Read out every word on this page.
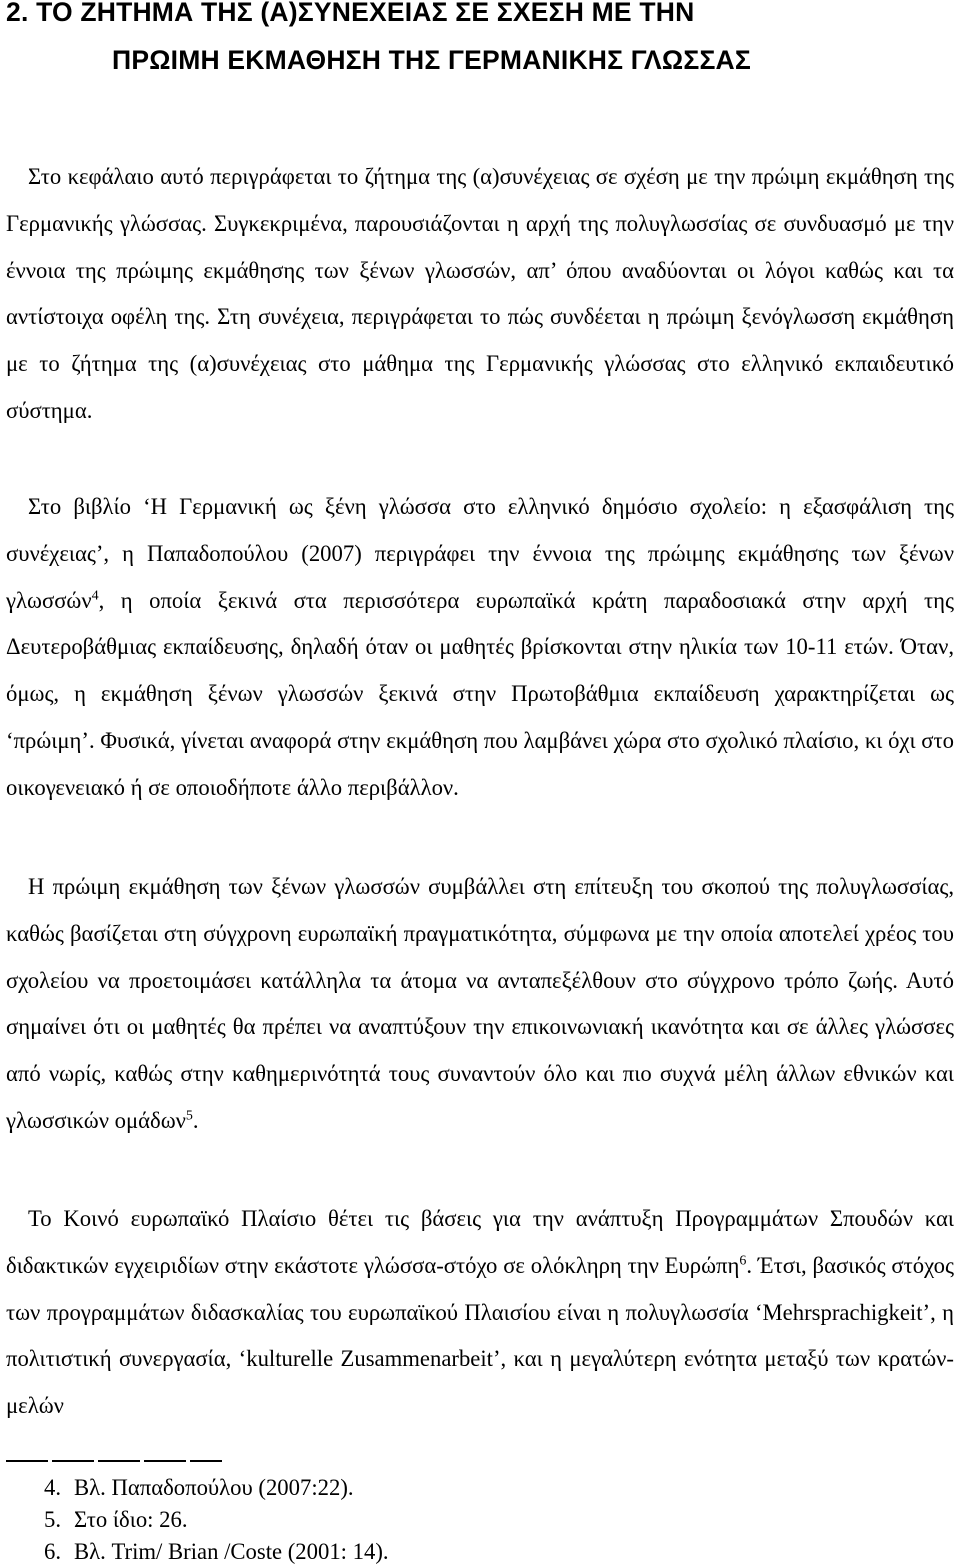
2. ΤΟ ΖΗΤΗΜΑ ΤΗΣ (Α)ΣΥΝΕΧΕΙΑΣ ΣΕ ΣΧΕΣΗ ΜΕ ΤΗΝ
ΠΡΩΙΜΗ ΕΚΜΑΘΗΣΗ ΤΗΣ ΓΕΡΜΑΝΙΚΗΣ ΓΛΩΣΣΑΣ

Στο κεφάλαιο αυτό περιγράφεται το ζήτημα της (α)συνέχειας σε σχέση με την πρώιμη εκμάθηση της Γερμανικής γλώσσας. Συγκεκριμένα, παρουσιάζονται η αρχή της πολυγλωσσίας σε συνδυασμό με την έννοια της πρώιμης εκμάθησης των ξένων γλωσσών, απ’ όπου αναδύονται οι λόγοι καθώς και τα αντίστοιχα οφέλη της. Στη συνέχεια, περιγράφεται το πώς συνδέεται η πρώιμη ξενόγλωσση εκμάθηση με το ζήτημα της (α)συνέχειας στο μάθημα της Γερμανικής γλώσσας στο ελληνικό εκπαιδευτικό σύστημα.

Στο βιβλίο ‘Η Γερμανική ως ξένη γλώσσα στο ελληνικό δημόσιο σχολείο: η εξασφάλιση της συνέχειας’, η Παπαδοπούλου (2007) περιγράφει την έννοια της πρώιμης εκμάθησης των ξένων γλωσσών$^4$, η οποία ξεκινά στα περισσότερα ευρωπαϊκά κράτη παραδοσιακά στην αρχή της Δευτεροβάθμιας εκπαίδευσης, δηλαδή όταν οι μαθητές βρίσκονται στην ηλικία των 10-11 ετών. Όταν, όμως, η εκμάθηση ξένων γλωσσών ξεκινά στην Πρωτοβάθμια εκπαίδευση χαρακτηρίζεται ως ‘πρώιμη’. Φυσικά, γίνεται αναφορά στην εκμάθηση που λαμβάνει χώρα στο σχολικό πλαίσιο, κι όχι στο οικογενειακό ή σε οποιοδήποτε άλλο περιβάλλον.

Η πρώιμη εκμάθηση των ξένων γλωσσών συμβάλλει στη επίτευξη του σκοπού της πολυγλωσσίας, καθώς βασίζεται στη σύγχρονη ευρωπαϊκή πραγματικότητα, σύμφωνα με την οποία αποτελεί χρέος του σχολείου να προετοιμάσει κατάλληλα τα άτομα να ανταπεξέλθουν στο σύγχρονο τρόπο ζωής. Αυτό σημαίνει ότι οι μαθητές θα πρέπει να αναπτύξουν την επικοινωνιακή ικανότητα και σε άλλες γλώσσες από νωρίς, καθώς στην καθημερινότητά τους συναντούν όλο και πιο συχνά μέλη άλλων εθνικών και γλωσσικών ομάδων$^5$.

Το Κοινό ευρωπαϊκό Πλαίσιο θέτει τις βάσεις για την ανάπτυξη Προγραμμάτων Σπουδών και διδακτικών εγχειριδίων στην εκάστοτε γλώσσα-στόχο σε ολόκληρη την Ευρώπη$^6$. Έτσι, βασικός στόχος των προγραμμάτων διδασκαλίας του ευρωπαϊκού Πλαισίου είναι η πολυγλωσσία ‘Mehrsprachigkeit’, η πολιτιστική συνεργασία, ‘kulturelle Zusammenarbeit’, και η μεγαλύτερη ενότητα μεταξύ των κρατών-μελών

4. Βλ. Παπαδοπούλου (2007:22).
5. Στο ίδιο: 26.
6. Βλ. Trim/ Brian /Coste (2001: 14).
